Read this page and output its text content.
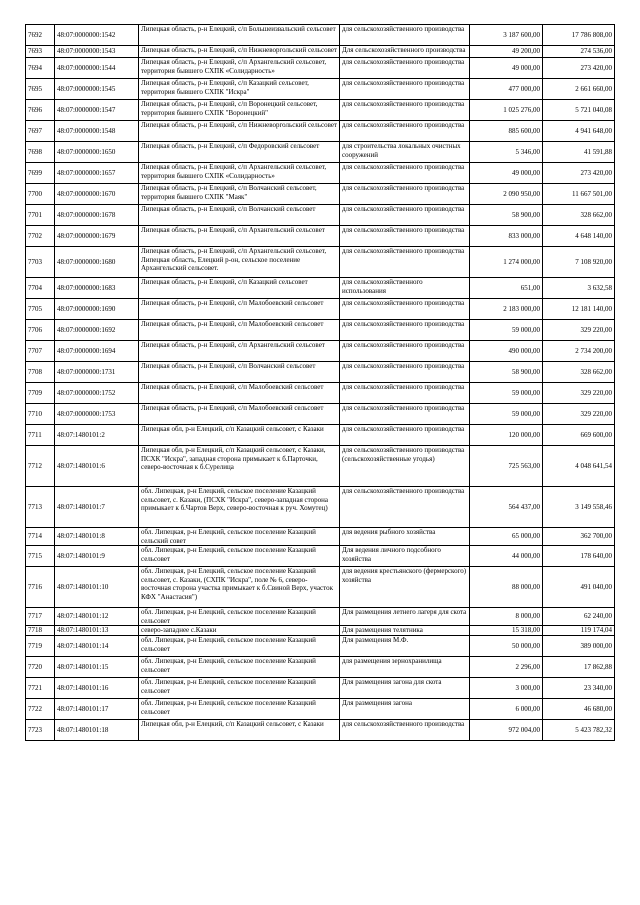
7692	48:07:0000000:1542	Липецкая область, р-н Елецкий, с/п Большеизвальский сельсовет	для сельскохозяйственного производства	3 187 600,00	17 786 808,00
7693	48:07:0000000:1543	Липецкая область, р-н Елецкий, с/п Нижневоргольский сельсовет	Для сельскохозяйственного производства	49 200,00	274 536,00
7694	48:07:0000000:1544	Липецкая область, р-н Елецкий, с/п Архангельский сельсовет, территория бывшего СХПК «Солидарность»	для сельскохозяйственного производства	49 000,00	273 420,00
7695	48:07:0000000:1545	Липецкая область, р-н Елецкий, с/п Казацкий сельсовет, территория бывшего СХПК "Искра"	для сельскохозяйственного производства	477 000,00	2 661 660,00
7696	48:07:0000000:1547	Липецкая область, р-н Елецкий, с/п Воронецкий сельсовет, территория бывшего СХПК "Воронецкий"	для сельскохозяйственного производства	1 025 276,00	5 721 040,08
7697	48:07:0000000:1548	Липецкая область, р-н Елецкий, с/п Нижневоргольский сельсовет	для сельскохозяйственного производства	885 600,00	4 941 648,00
7698	48:07:0000000:1650	Липецкая область, р-н Елецкий, с/п Федоровский сельсовет	для строительства локальных очистных сооружений	5 346,00	41 591,88
7699	48:07:0000000:1657	Липецкая область, р-н Елецкий, с/п Архангельский сельсовет, территория бывшего СХПК «Солидарность»	для сельскохозяйственного производства	49 000,00	273 420,00
7700	48:07:0000000:1670	Липецкая область, р-н Елецкий, с/п Волчанский сельсовет, территория бывшего СХПК "Маяк"	для сельскохозяйственного производства	2 090 950,00	11 667 501,00
7701	48:07:0000000:1678	Липецкая область, р-н Елецкий, с/п Волчанский сельсовет	для сельскохозяйственного производства	58 900,00	328 662,00
7702	48:07:0000000:1679	Липецкая область, р-н Елецкий, с/п Архангельский сельсовет	для сельскохозяйственного производства	833 000,00	4 648 140,00
7703	48:07:0000000:1680	Липецкая область, р-н Елецкий, с/п Архангельский сельсовет, Липецкая область, Елецкий р-он, сельское поселение Архангельский сельсовет.	для сельскохозяйственного производства	1 274 000,00	7 108 920,00
7704	48:07:0000000:1683	Липецкая область, р-н Елецкий, с/п Казацкий сельсовет	для сельскохозяйственного использования	651,00	3 632,58
7705	48:07:0000000:1690	Липецкая область, р-н Елецкий, с/п Малобоевский сельсовет	для сельскохозяйственного производства	2 183 000,00	12 181 140,00
7706	48:07:0000000:1692	Липецкая область, р-н Елецкий, с/п Малобоевский сельсовет	для сельскохозяйственного производства	59 000,00	329 220,00
7707	48:07:0000000:1694	Липецкая область, р-н Елецкий, с/п Архангельский сельсовет	для сельскохозяйственного производства	490 000,00	2 734 200,00
7708	48:07:0000000:1731	Липецкая область, р-н Елецкий, с/п Волчанский сельсовет	для сельскохозяйственного производства	58 900,00	328 662,00
7709	48:07:0000000:1752	Липецкая область, р-н Елецкий, с/п Малобоевский сельсовет	для сельскохозяйственного производства	59 000,00	329 220,00
7710	48:07:0000000:1753	Липецкая область, р-н Елецкий, с/п Малобоевский сельсовет	для сельскохозяйственного производства	59 000,00	329 220,00
7711	48:07:1480101:2	Липецкая обл, р-н Елецкий, с/п Казацкий сельсовет, с Казаки	для сельскохозяйственного производства	120 000,00	669 600,00
7712	48:07:1480101:6	Липецкая обл, р-н Елецкий, с/п Казацкий сельсовет, с Казаки, ПСХК "Искра", западная сторона примыкает к б.Парточки, северо-восточная к б.Сурелица	для сельскохозяйственного производства (сельскохозяйственные угодья)	725 563,00	4 048 641,54
7713	48:07:1480101:7	обл. Липецкая, р-н Елецкий, сельское поселение Казацкий сельсовет, с. Казаки, (ПСХК "Искра", северо-западная сторона примыкает к б.Чартов Верх, северо-восточная к руч. Хомутец)	для сельскохозяйственного производства	564 437,00	3 149 558,46
7714	48:07:1480101:8	обл. Липецкая, р-н Елецкий, сельское поселение Казацкий сельский совет	для ведения рыбного хозяйства	65 000,00	362 700,00
7715	48:07:1480101:9	обл. Липецкая, р-н Елецкий, сельское поселение Казацкий сельсовет	Для ведения личного подсобного хозяйства	44 000,00	178 640,00
7716	48:07:1480101:10	обл. Липецкая, р-н Елецкий, сельское поселение Казацкий сельсовет, с. Казаки, (СХПК "Искра", поле № 6, северо-восточная сторона участка примыкает к б.Свиной Верх, участок КФХ "Анастасия")	для ведения крестьянского (фермерского) хозяйства	88 000,00	491 040,00
7717	48:07:1480101:12	обл. Липецкая, р-н Елецкий, сельское поселение Казацкий сельсовет	Для размещения летнего лагеря для скота	8 000,00	62 240,00
7718	48:07:1480101:13	северо-западнее с.Казаки	Для размещения телятника	15 318,00	119 174,04
7719	48:07:1480101:14	обл. Липецкая, р-н Елецкий, сельское поселение Казацкий сельсовет	Для размещения М.Ф.	50 000,00	389 000,00
7720	48:07:1480101:15	обл. Липецкая, р-н Елецкий, сельское поселение Казацкий сельсовет	для размещения зернохранилища	2 296,00	17 862,88
7721	48:07:1480101:16	обл. Липецкая, р-н Елецкий, сельское поселение Казацкий сельсовет	Для размещения загона для скота	3 000,00	23 340,00
7722	48:07:1480101:17	обл. Липецкая, р-н Елецкий, сельское поселение Казацкий сельсовет	Для размещения загона	6 000,00	46 680,00
7723	48:07:1480101:18	Липецкая обл, р-н Елецкий, с/п Казацкий сельсовет, с Казаки	для сельскохозяйственного производства	972 004,00	5 423 782,32
